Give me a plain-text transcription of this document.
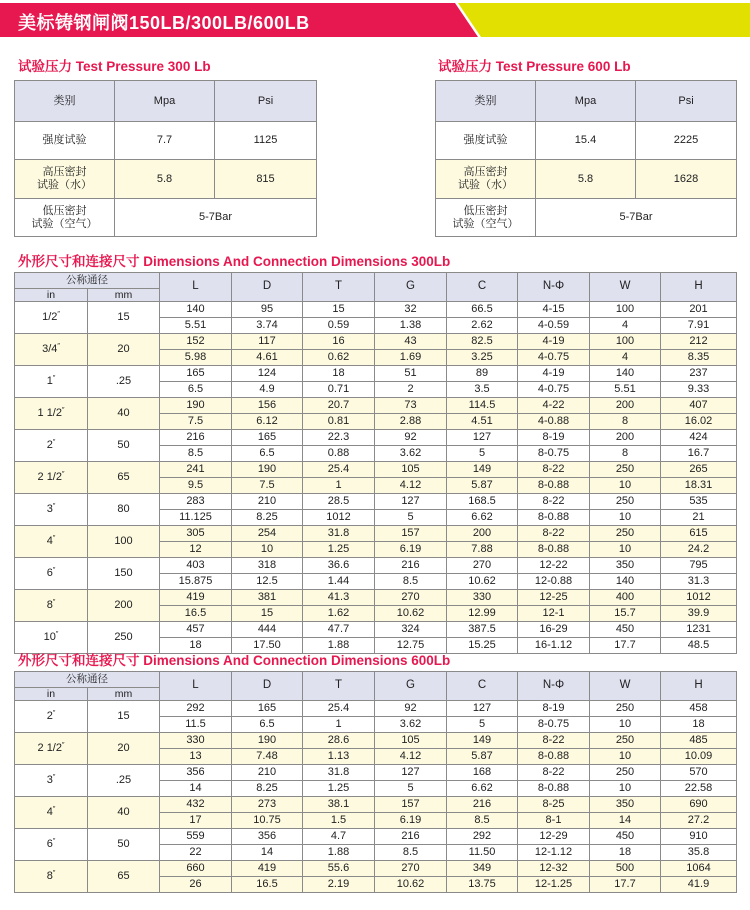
美标铸钢闸阀150LB/300LB/600LB
试验压力 Test Pressure 300 Lb	试验压力 Test Pressure 600 Lb
类别	Mpa	Psi
强度试验	7.7	1125

高压密封
试验（水）	5.8	815

低压密封
试验（空气）	5-7Bar	
类别	Mpa	Psi
强度试验	15.4	2225

高压密封
试验（水）	5.8	1628

低压密封
试验（空气）	5-7Bar	
外形尺寸和连接尺寸 Dimensions And Connection Dimensions 300Lb
公称通径		L	D	T	G	C	N-Φ	W	H
in	mm								
1/2″	15	140	95	15	32	66.5	4-15	100	201
		5.51	3.74	0.59	1.38	2.62	4-0.59	4	7.91
3/4″	20	152	117	16	43	82.5	4-19	100	212
		5.98	4.61	0.62	1.69	3.25	4-0.75	4	8.35
1″	.25	165	124	18	51	89	4-19	140	237
		6.5	4.9	0.71	2	3.5	4-0.75	5.51	9.33
1 1/2″	40	190	156	20.7	73	114.5	4-22	200	407
		7.5	6.12	0.81	2.88	4.51	4-0.88	8	16.02
2″	50	216	165	22.3	92	127	8-19	200	424
		8.5	6.5	0.88	3.62	5	8-0.75	8	16.7
2 1/2″	65	241	190	25.4	105	149	8-22	250	265
		9.5	7.5	1	4.12	5.87	8-0.88	10	18.31
3″	80	283	210	28.5	127	168.5	8-22	250	535
		11.125	8.25	1012	5	6.62	8-0.88	10	21
4″	100	305	254	31.8	157	200	8-22	250	615
		12	10	1.25	6.19	7.88	8-0.88	10	24.2
6″	150	403	318	36.6	216	270	12-22	350	795
		15.875	12.5	1.44	8.5	10.62	12-0.88	140	31.3
8″	200	419	381	41.3	270	330	12-25	400	1012
		16.5	15	1.62	10.62	12.99	12-1	15.7	39.9
10″	250	457	444	47.7	324	387.5	16-29	450	1231
		18	17.50	1.88	12.75	15.25	16-1.12	17.7	48.5
外形尺寸和连接尺寸 Dimensions And Connection Dimensions 600Lb
公称通径		L	D	T	G	C	N-Φ	W	H
in	mm								
2″	15	292	165	25.4	92	127	8-19	250	458
		11.5	6.5	1	3.62	5	8-0.75	10	18
2 1/2″	20	330	190	28.6	105	149	8-22	250	485
		13	7.48	1.13	4.12	5.87	8-0.88	10	10.09
3″	.25	356	210	31.8	127	168	8-22	250	570
		14	8.25	1.25	5	6.62	8-0.88	10	22.58
4″	40	432	273	38.1	157	216	8-25	350	690
		17	10.75	1.5	6.19	8.5	8-1	14	27.2
6″	50	559	356	4.7	216	292	12-29	450	910
		22	14	1.88	8.5	11.50	12-1.12	18	35.8
8″	65	660	419	55.6	270	349	12-32	500	1064
		26	16.5	2.19	10.62	13.75	12-1.25	17.7	41.9
